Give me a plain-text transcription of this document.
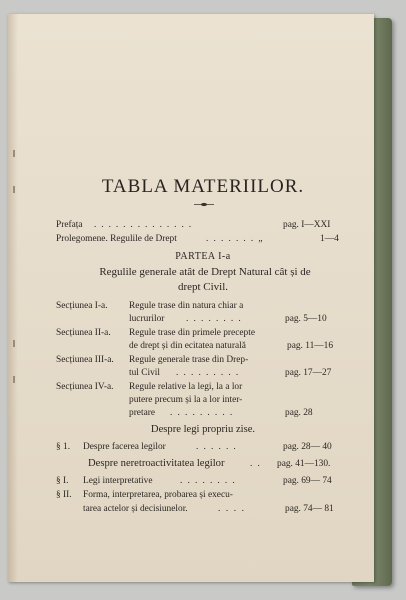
TABLA MATERIILOR.
Prefața . . . . . . . . . . . . . .	pag. I—XXI
Prolegomene. Regulile de Drept	. . . . . . . „	1—4
PARTEA I-a
Regulile generale atât de Drept Natural cât și de
drept Civil.
Secțiunea I-a. Regule trase din natura chiar a
lucrurilor . . . . . . . .	pag. 5—10
Secțiunea II-a. Regule trase din primele precepte
de drept și din ecitatea naturală	pag. 11—16
Secțiunea III-a. Regule generale trase din Drep-
tul Civil . . . . . . . . .	pag. 17—27
Secțiunea IV-a. Regule relative la legi, la a lor
putere precum și la a lor inter-
pretare . . . . . . . . .	pag. 28
Despre legi propriu zise.
§ 1. Despre facerea legilor	. . . . . .	pag. 28— 40
Despre neretroactivitatea legilor	. . pag. 41—130.
§ I. Legi interpretative	. . . . . . . .	pag. 69— 74
§ II. Forma, interpretarea, probarea și execu-
tarea actelor și decisiunelor.	. . . .	pag. 74— 81
